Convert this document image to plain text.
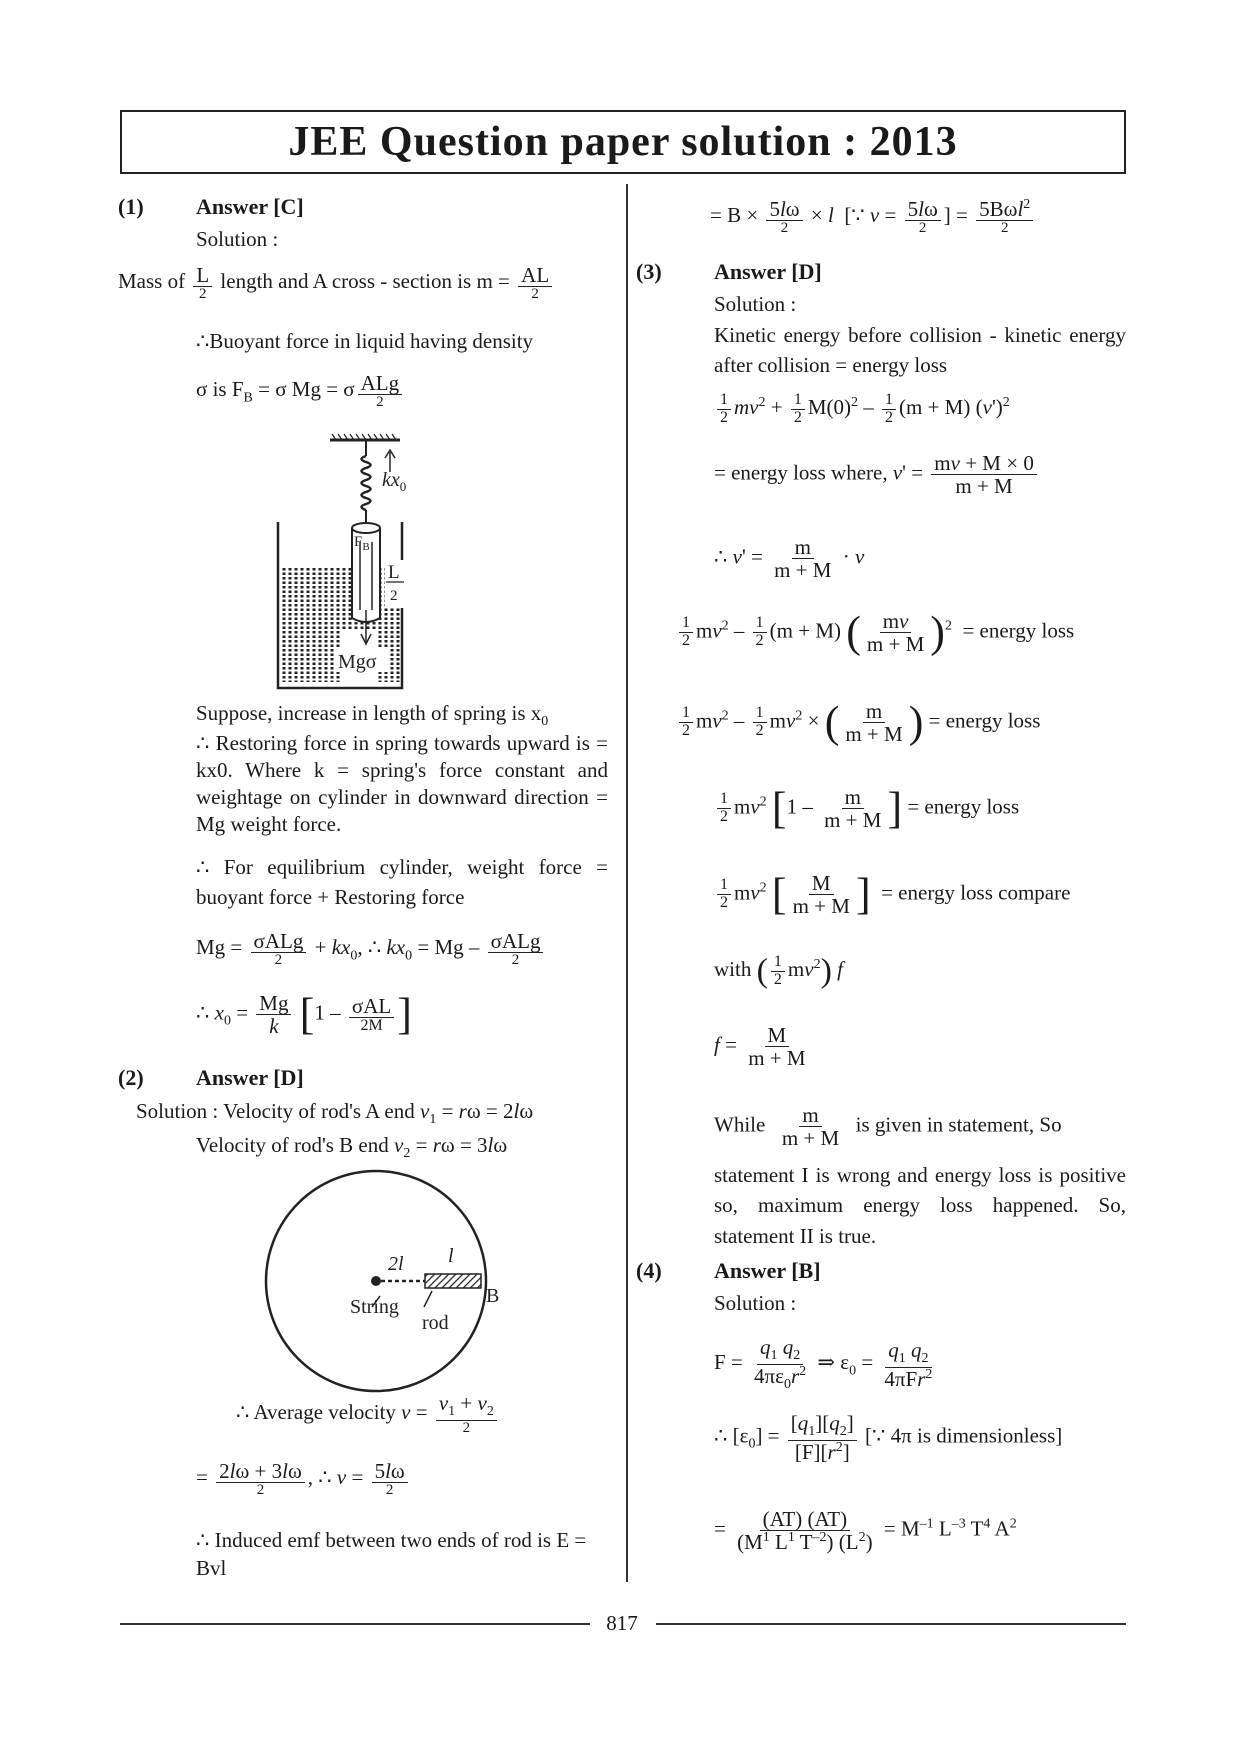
JEE Question paper solution : 2013
(1) Answer [C]
Solution :
Mass of $\frac{L}{2}$ length and A cross - section is $m = \frac{AL}{2}$
∴Buoyant force in liquid having density
σ is $F_B = \sigma$ Mg = σ $\frac{\text{ALg}}{2}$
$kx_0$
$F_B$
L
2
Mgσ
Suppose, increase in length of spring is $x_0$
∴ Restoring force in spring towards upward is = kx0. Where k = spring's force constant and weightage on cylinder in downward direction = Mg weight force.
∴ For equilibrium cylinder, weight force = buoyant force + Restoring force
$Mg = \frac{\text{σALg}}{2} + kx_0$, ∴ $kx_0 = Mg - \frac{\text{σALg}}{2}$
∴ $x_0 = \frac{Mg}{k} [1 - \frac{\text{σAL}}{2M}$ ]
(2) Answer [D]
Solution : Velocity of rod's A end $v_1 = r\omega = 2l\omega$
Velocity of rod's B end $v_2 = r\omega = 3l\omega$
2l l
String
rod
B
∴ Average velocity $v = \frac{v_1 + v_2}{2}$
= $\frac{2l\omega + 3l\omega}{2}$ , ∴ $v = \frac{5l\omega}{2}$
∴ Induced emf between two ends of rod is E = Bvl
= $B \times \frac{5l\omega}{2} \times l$  [∵ $v = \frac{5l\omega}{2}$ ] = $\frac{5B\omega l^2}{2}$
(3) Answer [D]
Solution :
Kinetic energy before collision - kinetic energy after collision = energy loss
$\frac{1}{2} mv^2 + \frac{1}{2} M(0)^2 - \frac{1}{2} (m + M)$ $(v')^2$
= energy loss where, $v' = \frac{mv + M \times 0}{m + M}$
∴ $v' = \frac{m}{m + M} \cdot v$
$\frac{1}{2} mv^2 - \frac{1}{2} (m + M)$ ( $\frac{mv}{m + M} )^2$ = energy loss
$\frac{1}{2} mv^2 - \frac{1}{2} mv^2$ × ( $\frac{m}{m + M}$ ) = energy loss
$\frac{1}{2} mv^2$ [$1 - \frac{m}{m + M}$ ] = energy loss
$\frac{1}{2} mv^2$ [ $\frac{M}{m + M}$ ] = energy loss compare
with ( $\frac{1}{2} mv^2$) f
$f = \frac{M}{m + M}$
While $\frac{m}{m + M}$ is given in statement, So
statement I is wrong and energy loss is positive so, maximum energy loss happened. So, statement II is true.
(4) Answer [B]
Solution :
$F = \frac{q_1 q_2}{4\pi\varepsilon_0r^2}$ ⇒ $\varepsilon_0 = \frac{q_1 q_2}{4\pi Fr^2}$
∴ $[\varepsilon_0] = \frac{[q_1][q_2]}{[F][r^2]}$ [∵ 4π is dimensionless]
= $\frac{(AT) (AT)}{(M^1 L^1 T^{-2}) (L^2)} = M^{-1}$ $L^{-3}$ $T^4$ $A^2$
817
